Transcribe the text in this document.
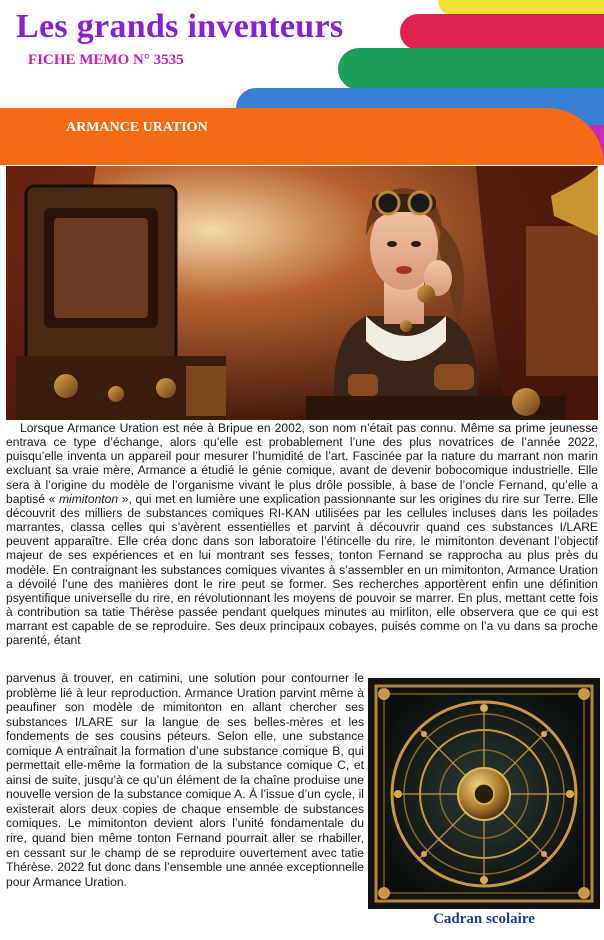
Les grands inventeurs
FICHE MEMO N° 3535
ARMANCE URATION

Lorsque Armance Uration est née à Bripue en 2002, son nom n’était pas connu. Même sa prime jeunesse entrava ce type d’échange, alors qu’elle est probablement l’une des plus novatrices de l’année 2022, puisqu’elle inventa un appareil pour mesurer l’humidité de l’art. Fascinée par la nature du marrant non marin excluant sa vraie mère, Armance a étudié le génie comique, avant de devenir bobocomique industrielle. Elle sera à l’origine du modèle de l’organisme vivant le plus drôle possible, à base de l’oncle Fernand, qu’elle a baptisé « mimitonton », qui met en lumière une explication passionnante sur les origines du rire sur Terre. Elle découvrit des milliers de substances comiques RI-KAN utilisées par les cellules incluses dans les poilades marrantes, classa celles qui s’avèrent essentielles et parvint à découvrir quand ces substances I/LARE peuvent apparaître. Elle créa donc dans son laboratoire l’étincelle du rire, le mimitonton devenant l’objectif majeur de ses expériences et en lui montrant ses fesses, tonton Fernand se rapprocha au plus près du modèle. En contraignant les substances comiques vivantes à s’assembler en un mimitonton, Armance Uration a dévoilé l’une des manières dont le rire peut se former. Ses recherches apportèrent enfin une définition psyentifique universelle du rire, en révolutionnant les moyens de pouvoir se marrer. En plus, mettant cette fois à contribution sa tatie Thérèse passée pendant quelques minutes au mirliton, elle observera que ce qui est marrant est capable de se reproduire. Ses deux principaux cobayes, puisés comme on l’a vu dans sa proche parenté, étant

parvenus à trouver, en catimini, une solution pour contourner le problème lié à leur reproduction. Armance Uration parvint même à peaufiner son modèle de mimitonton en allant chercher ses substances I/LARE sur la langue de ses belles-mères et les fondements de ses cousins péteurs. Selon elle, une substance comique A entraînait la formation d’une substance comique B, qui permettait elle-même la formation de la substance comique C, et ainsi de suite, jusqu’à ce qu’un élément de la chaîne produise une nouvelle version de la substance comique A. À l’issue d’un cycle, il existerait alors deux copies de chaque ensemble de substances comiques. Le mimitonton devient alors l’unité fondamentale du rire, quand bien même tonton Fernand pourrait aller se rhabiller, en cessant sur le champ de se reproduire ouvertement avec tatie Thérèse. 2022 fut donc dans l’ensemble une année exceptionnelle pour Armance Uration.

Cadran scolaire
